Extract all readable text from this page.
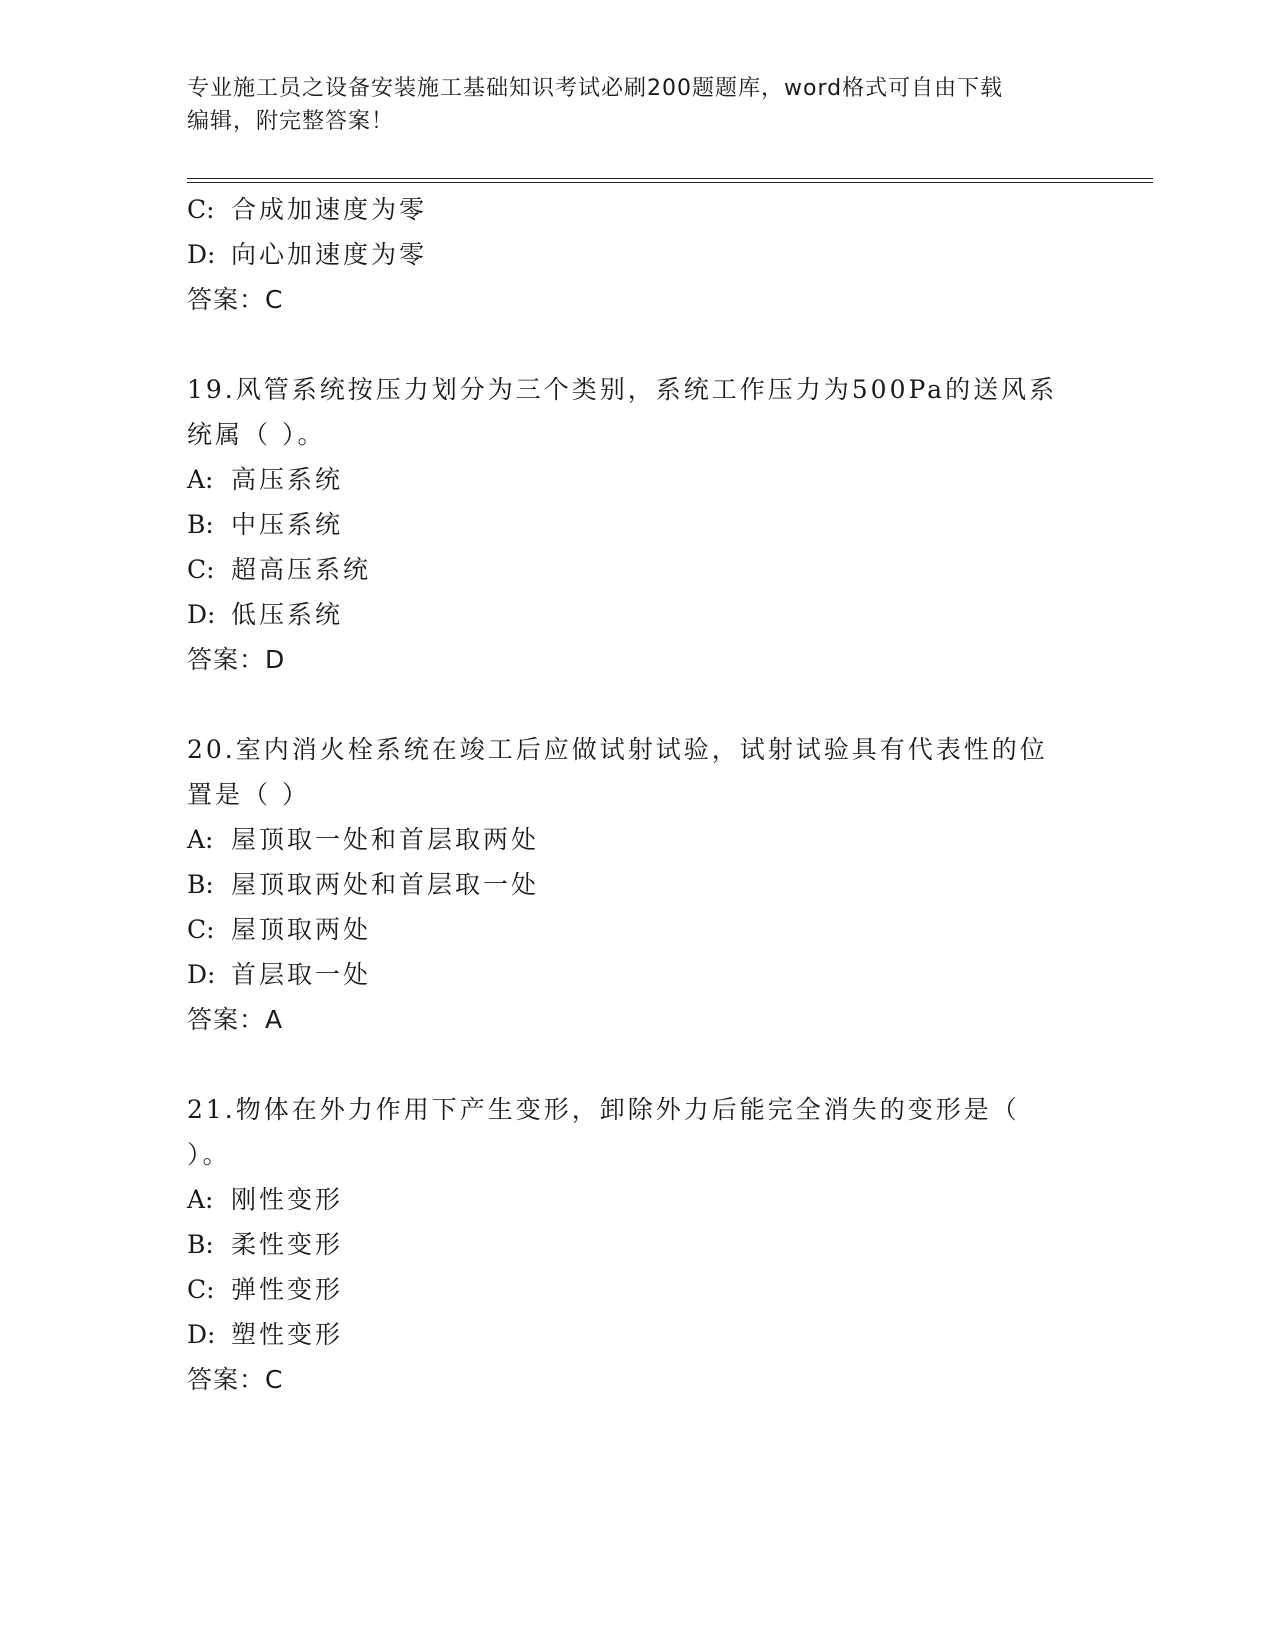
专业施工员之设备安装施工基础知识考试必刷200题题库，word格式可自由下载
编辑，附完整答案！
C: 合成加速度为零
D: 向心加速度为零
答案：C
19.风管系统按压力划分为三个类别，系统工作压力为500Pa的送风系
统属（ ）。
A: 高压系统
B: 中压系统
C: 超高压系统
D: 低压系统
答案：D
20.室内消火栓系统在竣工后应做试射试验，试射试验具有代表性的位
置是（ ）
A: 屋顶取一处和首层取两处
B: 屋顶取两处和首层取一处
C: 屋顶取两处
D: 首层取一处
答案：A
21.物体在外力作用下产生变形，卸除外力后能完全消失的变形是（
）。
A: 刚性变形
B: 柔性变形
C: 弹性变形
D: 塑性变形
答案：C
